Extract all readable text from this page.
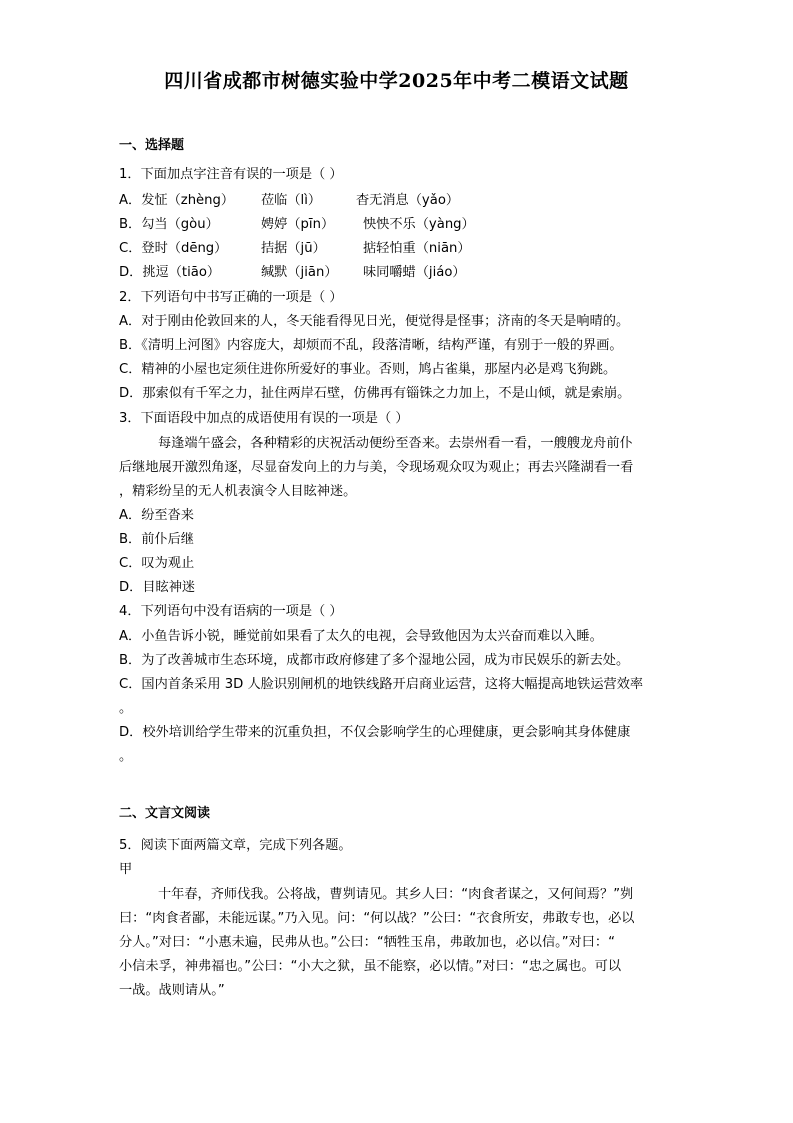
四川省成都市树德实验中学2025年中考二模语文试题
一、选择题
1．下面加点字注音有误的一项是（ ）
A．发怔（zhèng） 莅临（lì）	杳无消息（yǎo）
B．勾当（gòu）	娉婷（pīn） 怏怏不乐（yàng）
C．登时（dēng）	拮据（jū）	掂轻怕重（niān）
D．挑逗（tiāo）	缄默（jiān） 味同嚼蜡（jiáo）
2．下列语句中书写正确的一项是（ ）
A．对于刚由伦敦回来的人，冬天能看得见日光，便觉得是怪事；济南的冬天是响晴的。
B．《清明上河图》内容庞大，却烦而不乱，段落清晰，结构严谨，有别于一般的界画。
C．精神的小屋也定须住进你所爱好的事业。否则，鸠占雀巢，那屋内必是鸡飞狗跳。
D．那索似有千军之力，扯住两岸石壁，仿佛再有锱铢之力加上，不是山倾，就是索崩。
3．下面语段中加点的成语使用有误的一项是（ ）
每逢端午盛会，各种精彩的庆祝活动便纷至沓来。去崇州看一看，一艘艘龙舟前仆
后继地展开激烈角逐，尽显奋发向上的力与美，令现场观众叹为观止；再去兴隆湖看一看
，精彩纷呈的无人机表演令人目眩神迷。
A．纷至沓来
B．前仆后继
C．叹为观止
D．目眩神迷
4．下列语句中没有语病的一项是（ ）
A．小鱼告诉小锐，睡觉前如果看了太久的电视，会导致他因为太兴奋而难以入睡。
B．为了改善城市生态环境，成都市政府修建了多个湿地公园，成为市民娱乐的新去处。
C．国内首条采用 3D 人脸识别闸机的地铁线路开启商业运营，这将大幅提高地铁运营效率
。
D．校外培训给学生带来的沉重负担，不仅会影响学生的心理健康，更会影响其身体健康
。
二、文言文阅读
5．阅读下面两篇文章，完成下列各题。
甲
十年春，齐师伐我。公将战，曹刿请见。其乡人曰：“肉食者谋之，又何间焉？”刿
曰：“肉食者鄙，未能远谋。”乃入见。问：“何以战？”公曰：“衣食所安，弗敢专也，必以
分人。”对曰：“小惠未遍，民弗从也。”公曰：“牺牲玉帛，弗敢加也，必以信。”对曰：“
小信未孚，神弗福也。”公曰：“小大之狱，虽不能察，必以情。”对曰：“忠之属也。可以
一战。战则请从。”
